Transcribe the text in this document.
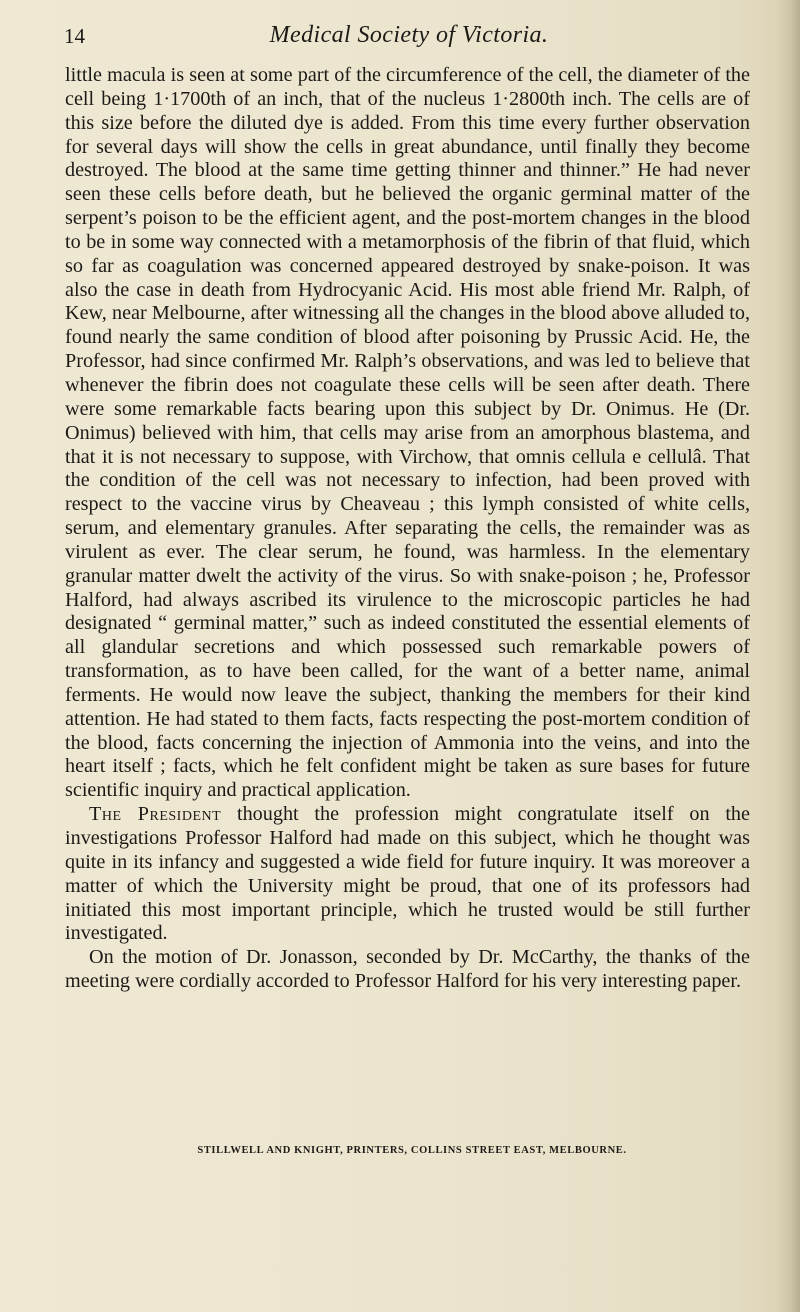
14	Medical Society of Victoria.

little macula is seen at some part of the circumference of the cell, the diameter of the cell being 1·1700th of an inch, that of the nucleus 1·2800th inch. The cells are of this size before the diluted dye is added. From this time every further observation for several days will show the cells in great abundance, until finally they become destroyed. The blood at the same time getting thinner and thinner.” He had never seen these cells before death, but he believed the organic germinal matter of the serpent’s poison to be the efficient agent, and the post-mortem changes in the blood to be in some way connected with a metamorphosis of the fibrin of that fluid, which so far as coagulation was concerned appeared destroyed by snake-poison. It was also the case in death from Hydrocyanic Acid. His most able friend Mr. Ralph, of Kew, near Melbourne, after witnessing all the changes in the blood above alluded to, found nearly the same condition of blood after poisoning by Prussic Acid. He, the Professor, had since confirmed Mr. Ralph’s observations, and was led to believe that whenever the fibrin does not coagulate these cells will be seen after death. There were some remarkable facts bearing upon this subject by Dr. Onimus. He (Dr. Onimus) believed with him, that cells may arise from an amorphous blastema, and that it is not necessary to suppose, with Virchow, that omnis cellula e cellulâ. That the condition of the cell was not necessary to infection, had been proved with respect to the vaccine virus by Cheaveau ; this lymph consisted of white cells, serum, and elementary granules. After separating the cells, the remainder was as virulent as ever. The clear serum, he found, was harmless. In the elementary granular matter dwelt the activity of the virus. So with snake-poison ; he, Professor Halford, had always ascribed its virulence to the microscopic particles he had designated “ germinal matter,” such as indeed constituted the essential elements of all glandular secretions and which possessed such remarkable powers of transformation, as to have been called, for the want of a better name, animal ferments. He would now leave the subject, thanking the members for their kind attention. He had stated to them facts, facts respecting the post-mortem condition of the blood, facts concerning the injection of Ammonia into the veins, and into the heart itself ; facts, which he felt confident might be taken as sure bases for future scientific inquiry and practical application.

The President thought the profession might congratulate itself on the investigations Professor Halford had made on this subject, which he thought was quite in its infancy and suggested a wide field for future inquiry. It was moreover a matter of which the University might be proud, that one of its professors had initiated this most important principle, which he trusted would be still further investigated.

On the motion of Dr. Jonasson, seconded by Dr. McCarthy, the thanks of the meeting were cordially accorded to Professor Halford for his very interesting paper.

STILLWELL AND KNIGHT, PRINTERS, COLLINS STREET EAST, MELBOURNE.
